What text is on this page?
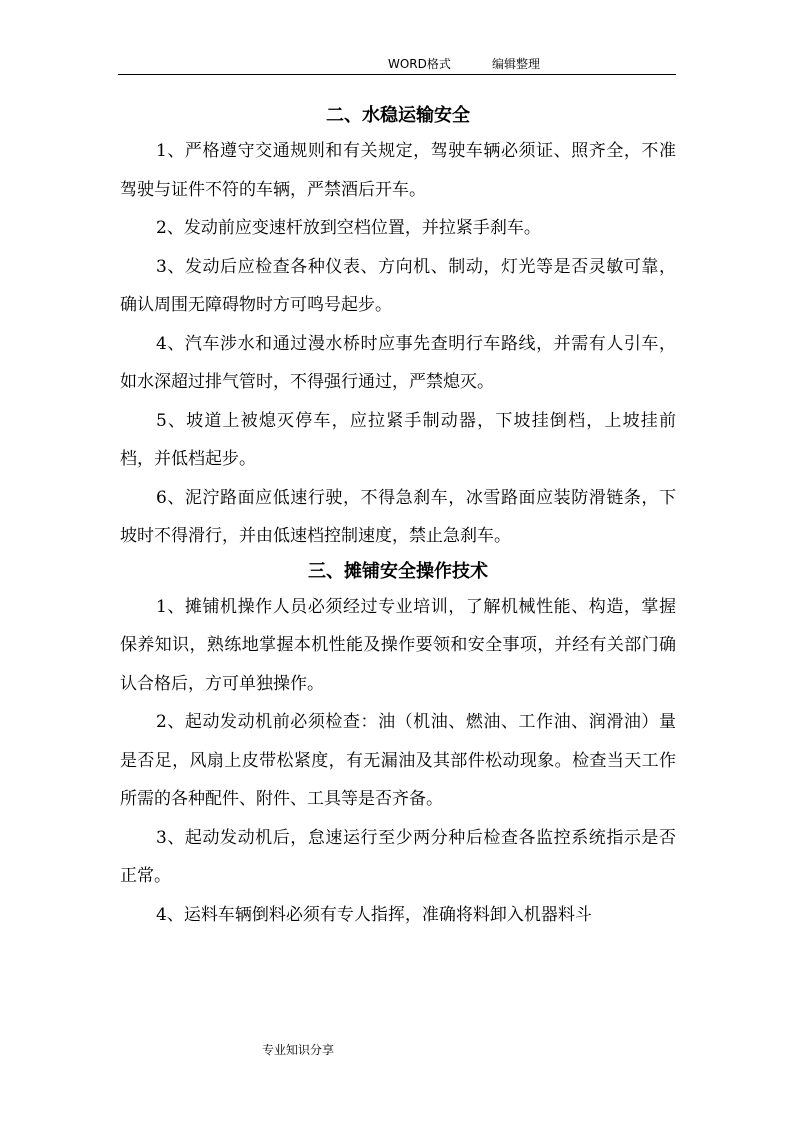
WORD格式	编辑整理
二、水稳运输安全

1、严格遵守交通规则和有关规定，驾驶车辆必须证、照齐全，不准驾驶与证件不符的车辆，严禁酒后开车。

2、发动前应变速杆放到空档位置，并拉紧手刹车。

3、发动后应检查各种仪表、方向机、制动，灯光等是否灵敏可靠，确认周围无障碍物时方可鸣号起步。

4、汽车涉水和通过漫水桥时应事先查明行车路线，并需有人引车，如水深超过排气管时，不得强行通过，严禁熄灭。

5、坡道上被熄灭停车，应拉紧手制动器，下坡挂倒档，上坡挂前档，并低档起步。

6、泥泞路面应低速行驶，不得急刹车，冰雪路面应装防滑链条，下坡时不得滑行，并由低速档控制速度，禁止急刹车。

三、摊铺安全操作技术

1、摊铺机操作人员必须经过专业培训，了解机械性能、构造，掌握保养知识，熟练地掌握本机性能及操作要领和安全事项，并经有关部门确认合格后，方可单独操作。

2、起动发动机前必须检查：油（机油、燃油、工作油、润滑油）量是否足，风扇上皮带松紧度，有无漏油及其部件松动现象。检查当天工作所需的各种配件、附件、工具等是否齐备。

3、起动发动机后，怠速运行至少两分种后检查各监控系统指示是否正常。

4、运料车辆倒料必须有专人指挥，准确将料卸入机器料斗

专业知识分享
